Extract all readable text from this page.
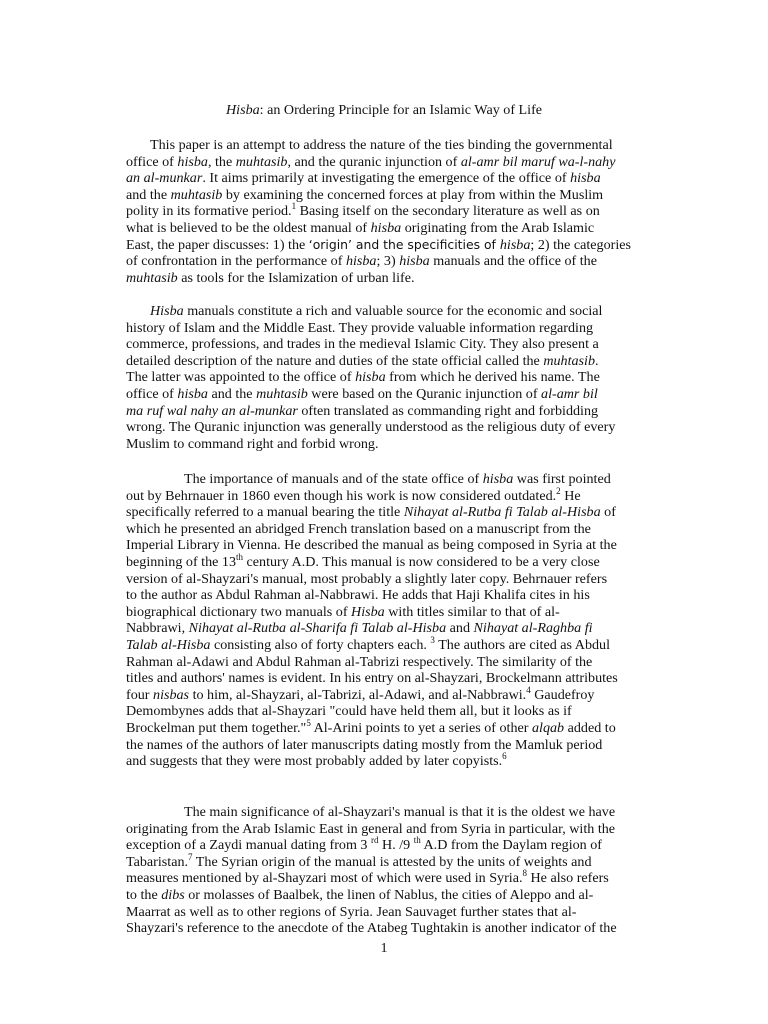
Hisba: an Ordering Principle for an Islamic Way of Life
This paper is an attempt to address the nature of the ties binding the governmental
office of hisba, the muhtasib, and the quranic injunction of al-amr bil maruf wa-l-nahy
an al-munkar. It aims primarily at investigating the emergence of the office of hisba
and the muhtasib by examining the concerned forces at play from within the Muslim
polity in its formative period.$^1$ Basing itself on the secondary literature as well as on
what is believed to be the oldest manual of hisba originating from the Arab Islamic
East, the paper discusses: 1) the ‘origin’ and the specificities of hisba; 2) the categories
of confrontation in the performance of hisba; 3) hisba manuals and the office of the
muhtasib as tools for the Islamization of urban life.
Hisba manuals constitute a rich and valuable source for the economic and social
history of Islam and the Middle East. They provide valuable information regarding
commerce, professions, and trades in the medieval Islamic City. They also present a
detailed description of the nature and duties of the state official called the muhtasib.
The latter was appointed to the office of hisba from which he derived his name. The
office of hisba and the muhtasib were based on the Quranic injunction of al-amr bil
ma ruf wal nahy an al-munkar often translated as commanding right and forbidding
wrong. The Quranic injunction was generally understood as the religious duty of every
Muslim to command right and forbid wrong.
The importance of manuals and of the state office of hisba was first pointed
out by Behrnauer in 1860 even though his work is now considered outdated.$^2$ He
specifically referred to a manual bearing the title Nihayat al-Rutba fi Talab al-Hisba of
which he presented an abridged French translation based on a manuscript from the
Imperial Library in Vienna. He described the manual as being composed in Syria at the
beginning of the 13th century A.D. This manual is now considered to be a very close
version of al-Shayzari's manual, most probably a slightly later copy. Behrnauer refers
to the author as Abdul Rahman al-Nabbrawi. He adds that Haji Khalifa cites in his
biographical dictionary two manuals of Hisba with titles similar to that of al-
Nabbrawi, Nihayat al-Rutba al-Sharifa fi Talab al-Hisba and Nihayat al-Raghba fi
Talab al-Hisba consisting also of forty chapters each. $^3$ The authors are cited as Abdul
Rahman al-Adawi and Abdul Rahman al-Tabrizi respectively. The similarity of the
titles and authors' names is evident. In his entry on al-Shayzari, Brockelmann attributes
four nisbas to him, al-Shayzari, al-Tabrizi, al-Adawi, and al-Nabbrawi.$^4$ Gaudefroy
Demombynes adds that al-Shayzari "could have held them all, but it looks as if
Brockelman put them together."$^5$ Al-Arini points to yet a series of other alqab added to
the names of the authors of later manuscripts dating mostly from the Mamluk period
and suggests that they were most probably added by later copyists.$^6$
The main significance of al-Shayzari's manual is that it is the oldest we have
originating from the Arab Islamic East in general and from Syria in particular, with the
exception of a Zaydi manual dating from 3 $^{rd}$ H. /9 $^{th}$ A.D from the Daylam region of
Tabaristan.$^7$ The Syrian origin of the manual is attested by the units of weights and
measures mentioned by al-Shayzari most of which were used in Syria.$^8$ He also refers
to the dibs or molasses of Baalbek, the linen of Nablus, the cities of Aleppo and al-
Maarrat as well as to other regions of Syria. Jean Sauvaget further states that al-
Shayzari's reference to the anecdote of the Atabeg Tughtakin is another indicator of the
1
